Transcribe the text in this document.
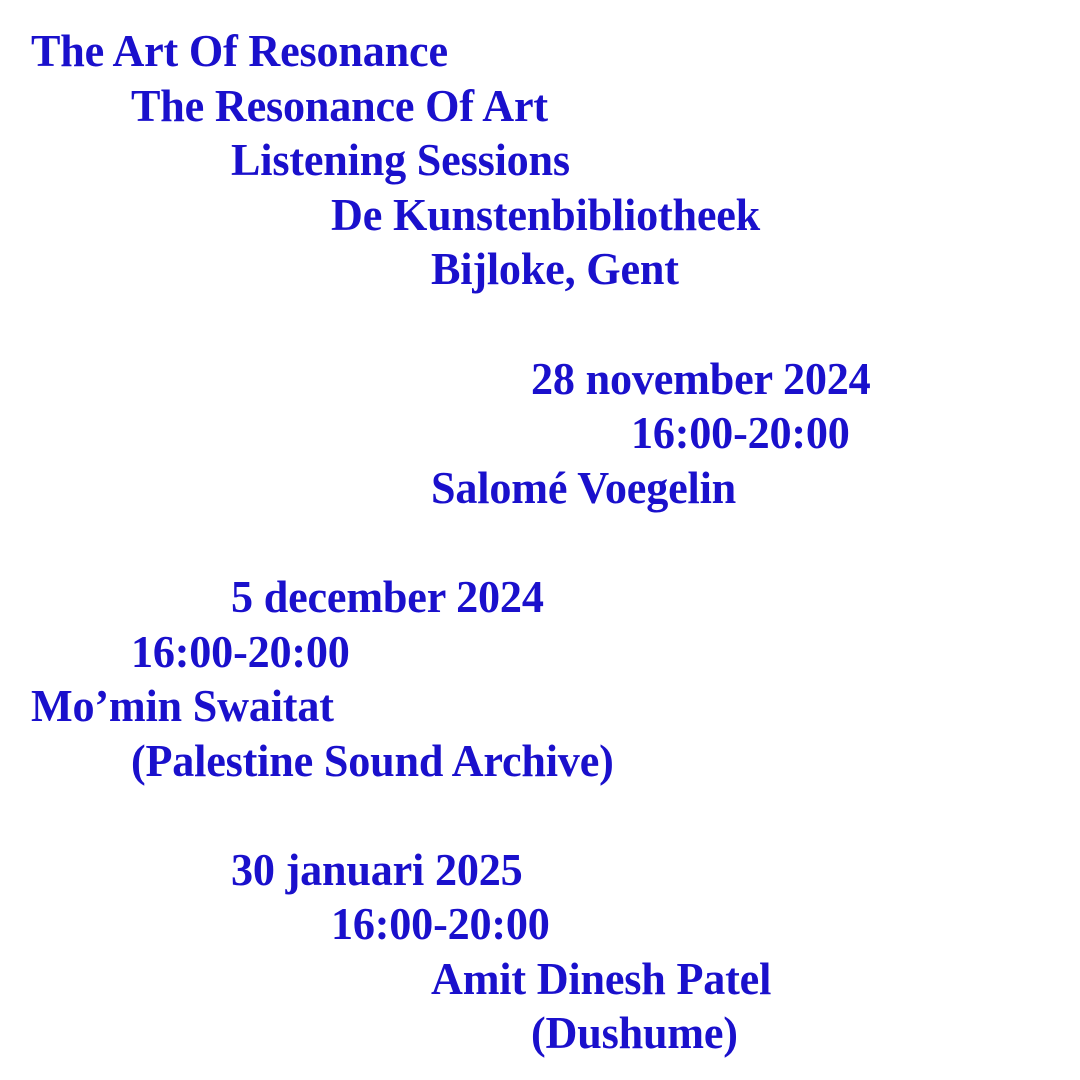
The Art Of Resonance
The Resonance Of Art
Listening Sessions
De Kunstenbibliotheek
Bijloke, Gent
28 november 2024
16:00-20:00
Salomé Voegelin
5 december 2024
16:00-20:00
Mo’min Swaitat
(Palestine Sound Archive)
30 januari 2025
16:00-20:00
Amit Dinesh Patel
(Dushume)
